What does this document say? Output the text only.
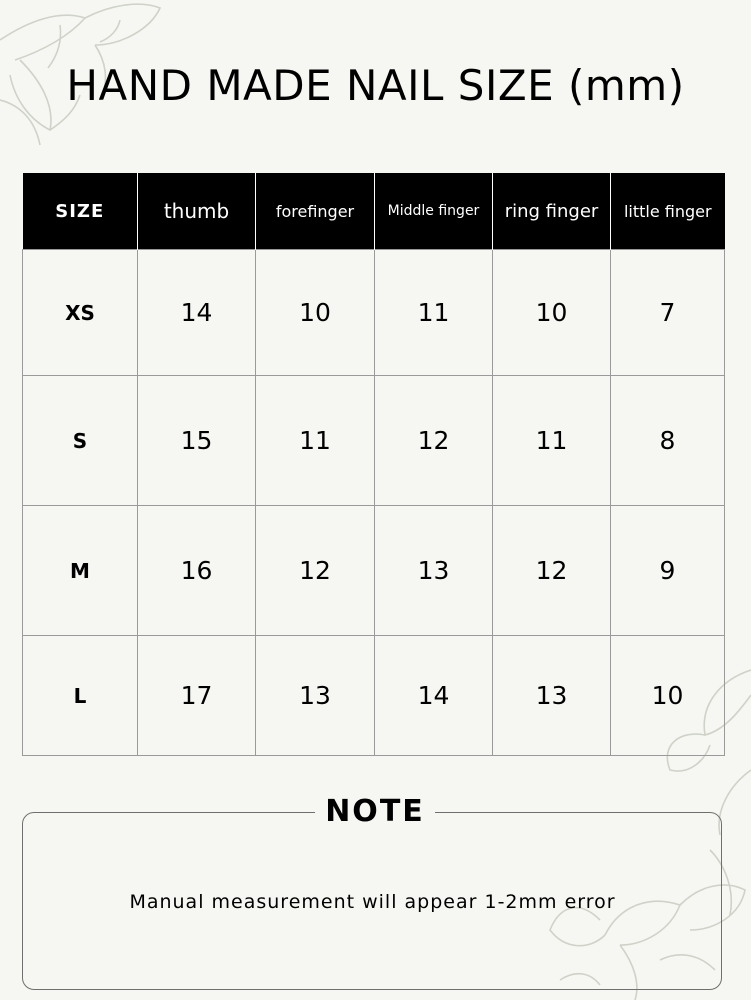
HAND MADE NAIL SIZE (mm)
SIZE	thumb	forefinger	Middle finger	ring finger	little finger
XS	14	10	11	10	7
S	15	11	12	11	8
M	16	12	13	12	9
L	17	13	14	13	10
NOTE
Manual measurement will appear 1-2mm error
